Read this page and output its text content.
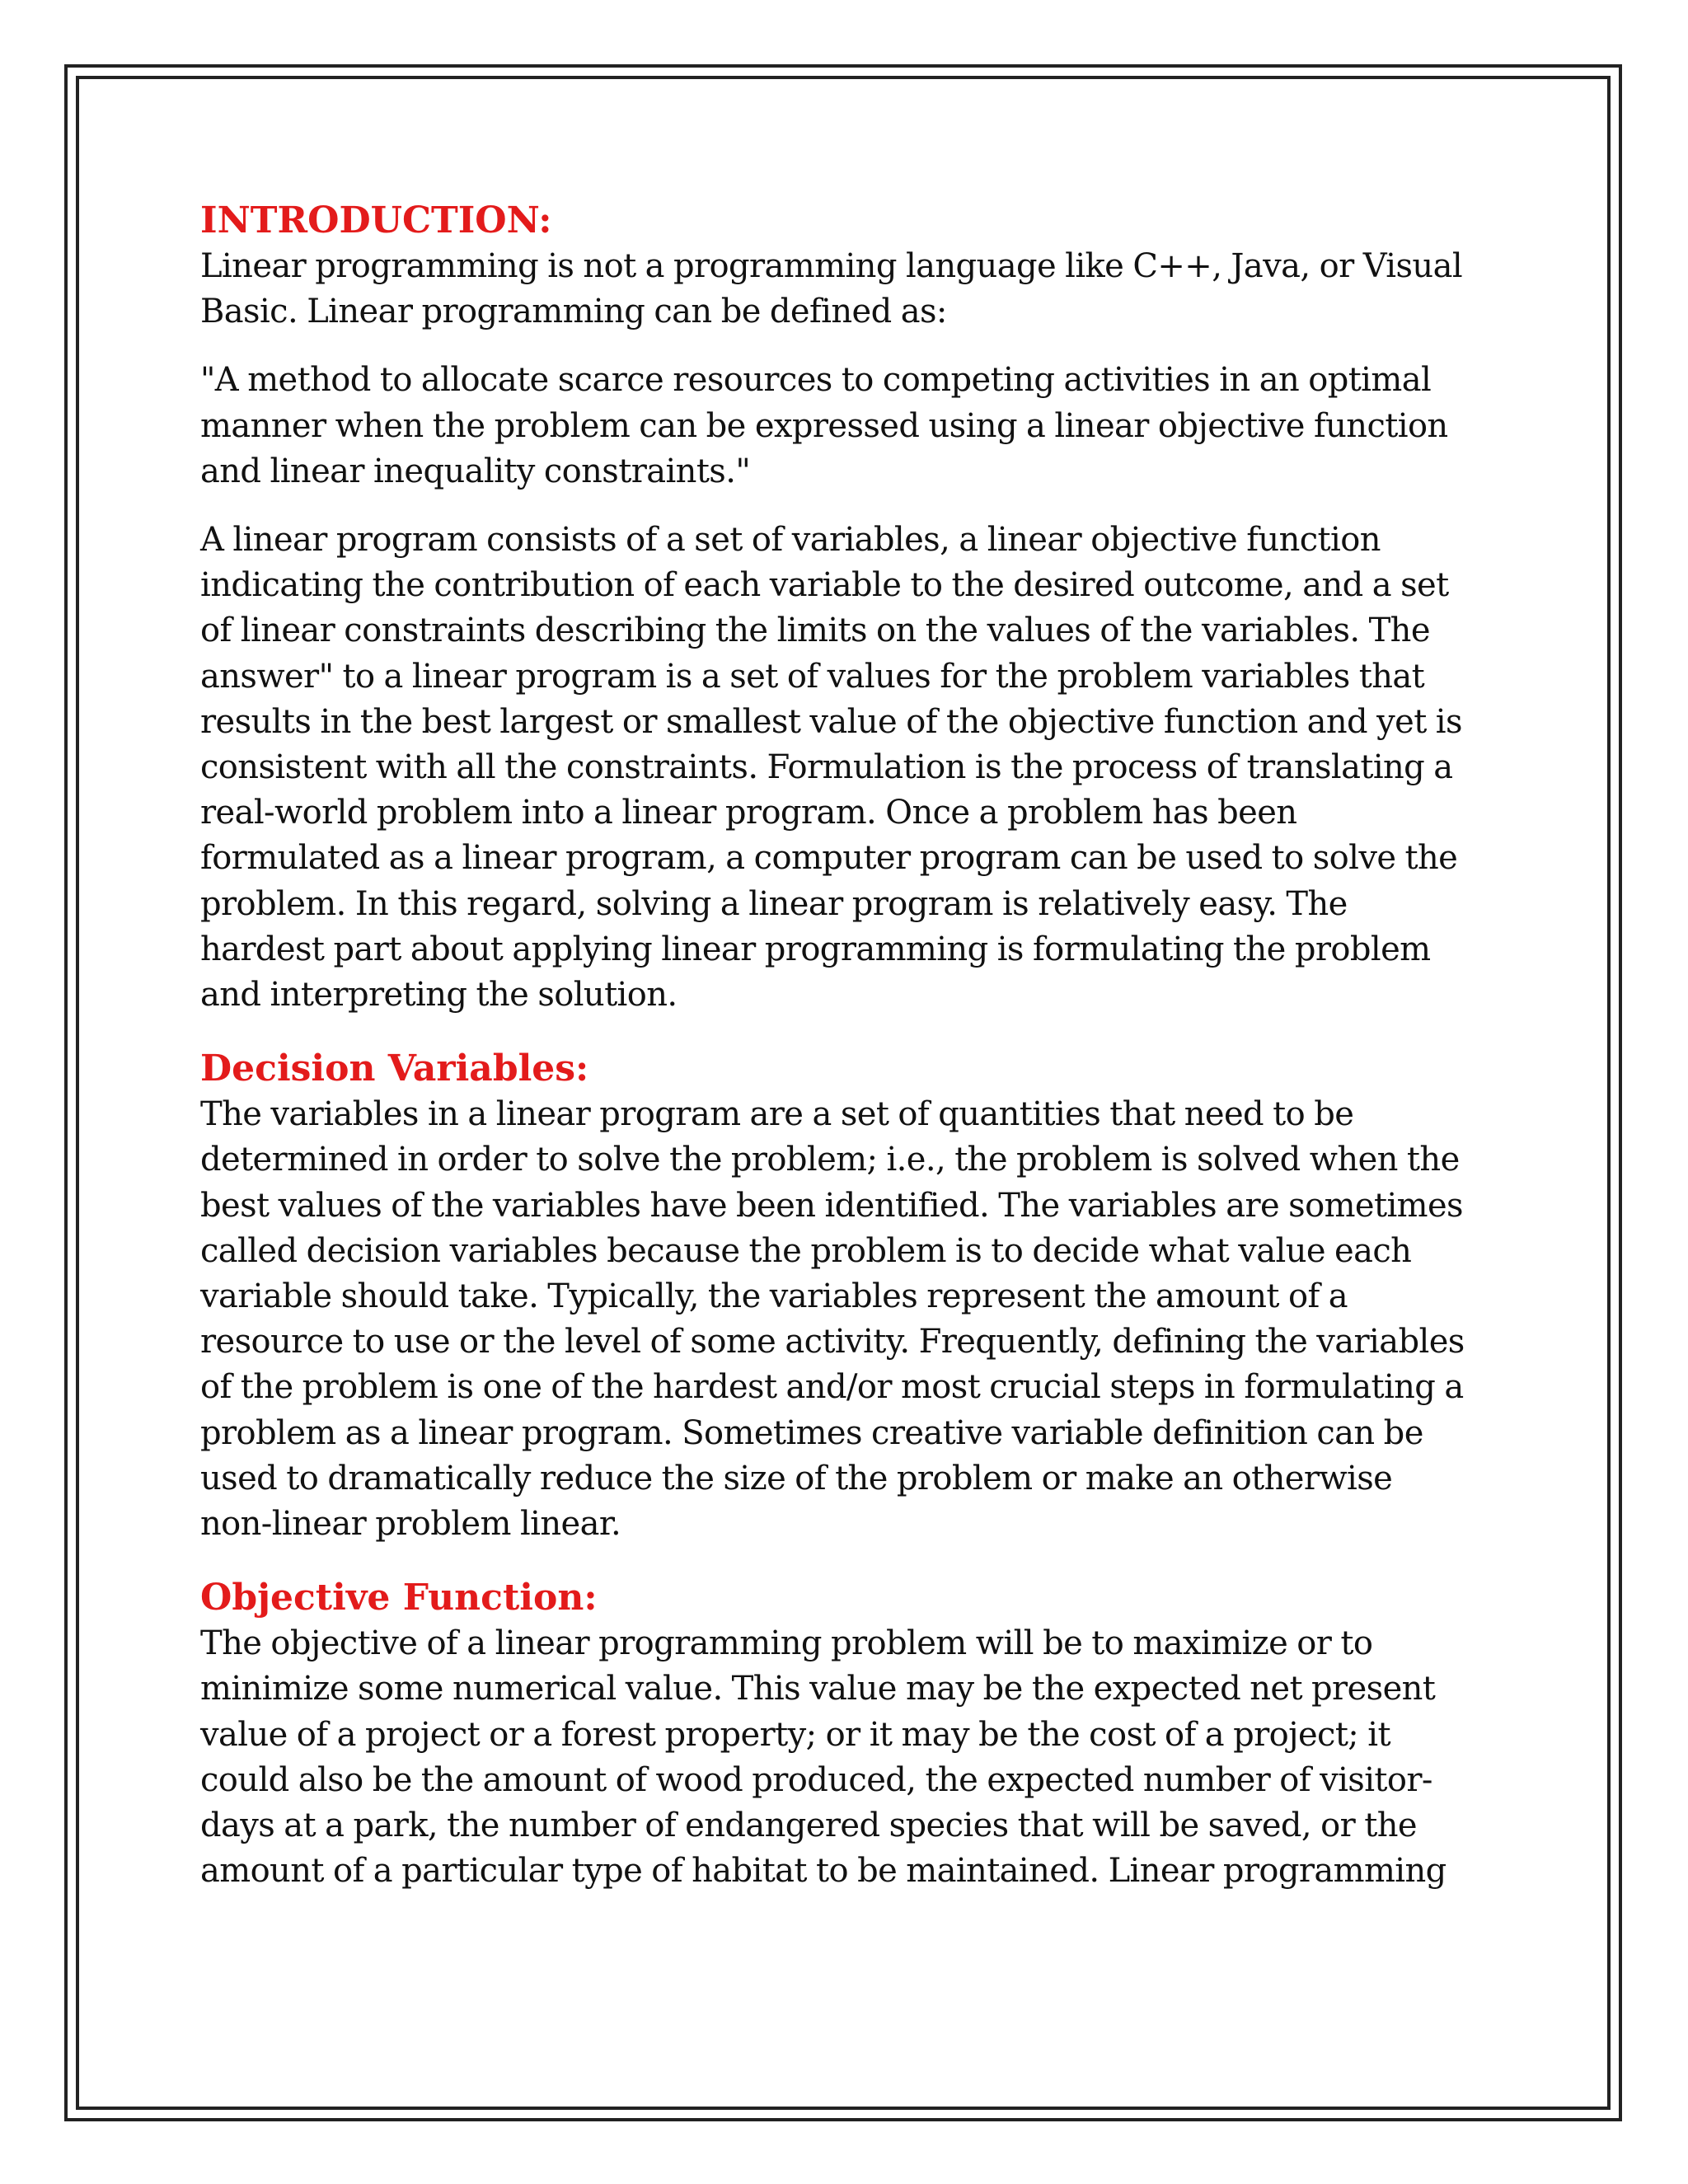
INTRODUCTION:

Linear programming is not a programming language like C++, Java, or Visual
Basic. Linear programming can be defined as:

"A method to allocate scarce resources to competing activities in an optimal
manner when the problem can be expressed using a linear objective function
and linear inequality constraints."

A linear program consists of a set of variables, a linear objective function
indicating the contribution of each variable to the desired outcome, and a set
of linear constraints describing the limits on the values of the variables. The
answer" to a linear program is a set of values for the problem variables that
results in the best largest or smallest value of the objective function and yet is
consistent with all the constraints. Formulation is the process of translating a
real-world problem into a linear program. Once a problem has been
formulated as a linear program, a computer program can be used to solve the
problem. In this regard, solving a linear program is relatively easy. The
hardest part about applying linear programming is formulating the problem
and interpreting the solution.

Decision Variables:

The variables in a linear program are a set of quantities that need to be
determined in order to solve the problem; i.e., the problem is solved when the
best values of the variables have been identified. The variables are sometimes
called decision variables because the problem is to decide what value each
variable should take. Typically, the variables represent the amount of a
resource to use or the level of some activity. Frequently, defining the variables
of the problem is one of the hardest and/or most crucial steps in formulating a
problem as a linear program. Sometimes creative variable definition can be
used to dramatically reduce the size of the problem or make an otherwise
non-linear problem linear.

Objective Function:

The objective of a linear programming problem will be to maximize or to
minimize some numerical value. This value may be the expected net present
value of a project or a forest property; or it may be the cost of a project; it
could also be the amount of wood produced, the expected number of visitor-
days at a park, the number of endangered species that will be saved, or the
amount of a particular type of habitat to be maintained. Linear programming
